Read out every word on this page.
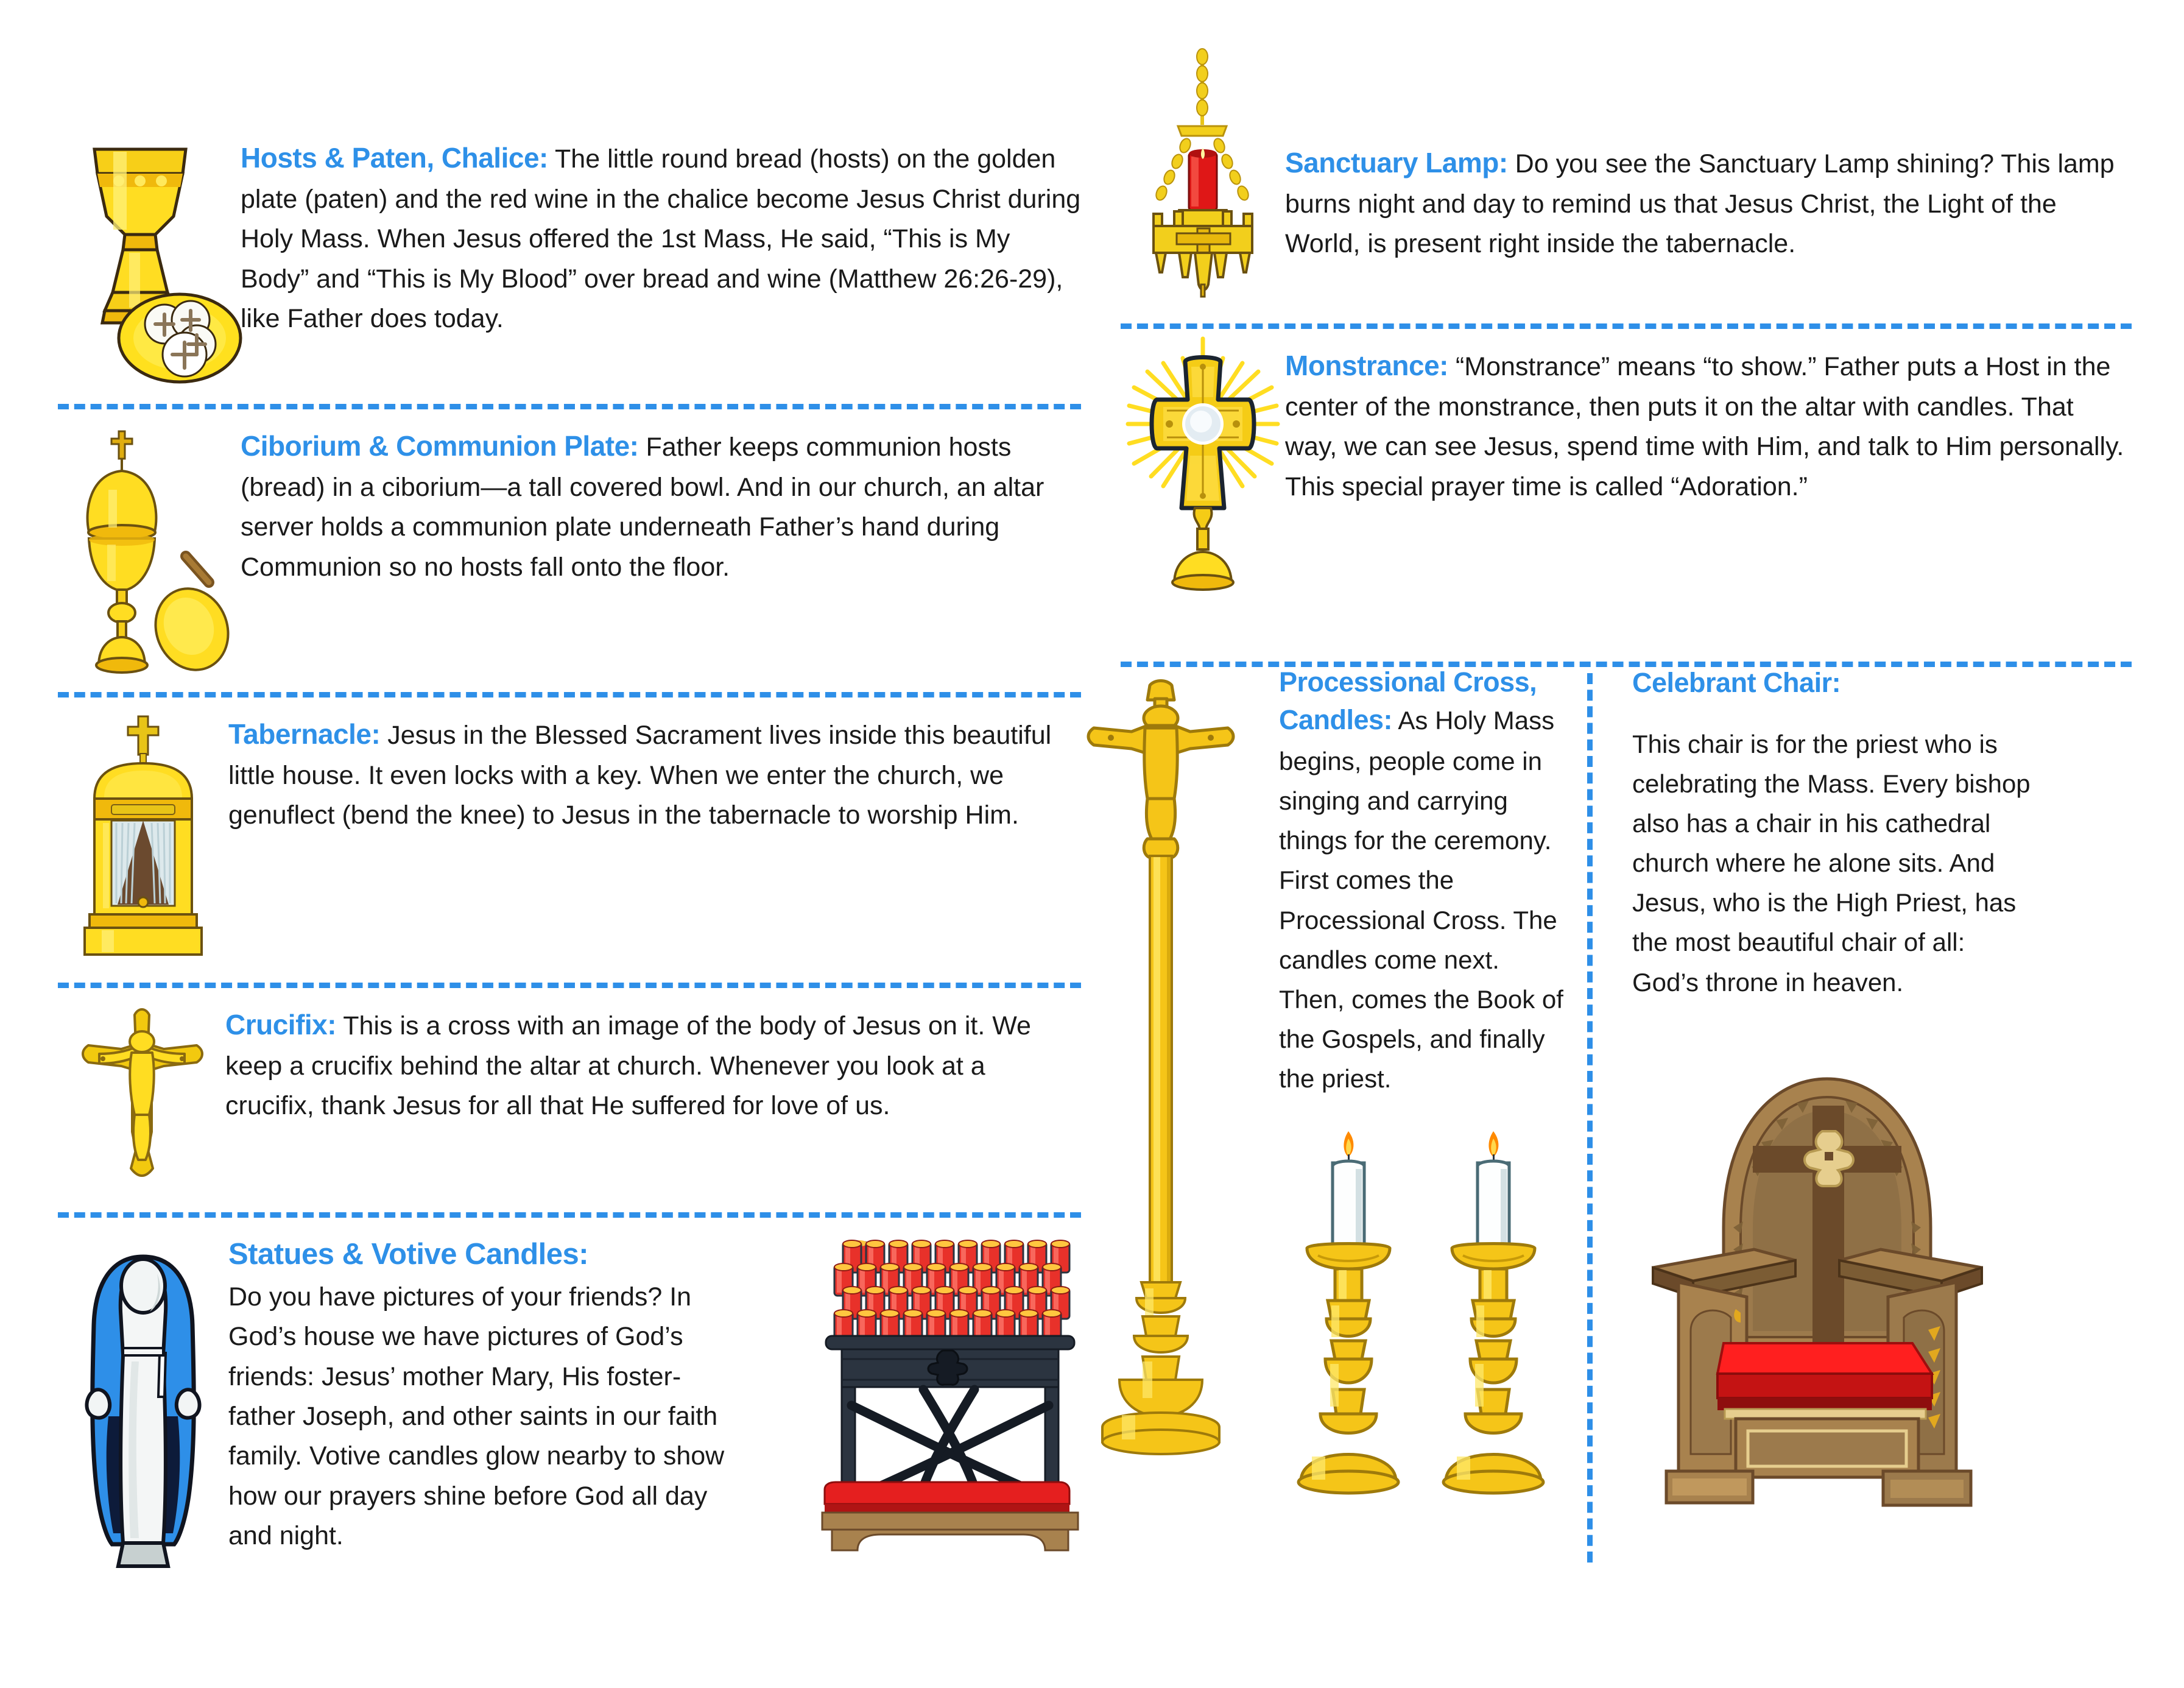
Hosts & Paten, Chalice: The little round bread (hosts) on the golden plate (paten) and the red wine in the chalice become Jesus Christ during Holy Mass. When Jesus offered the 1st Mass, He said, “This is My Body” and “This is My Blood” over bread and wine (Matthew 26:26-29), like Father does today.

Ciborium & Communion Plate: Father keeps communion hosts (bread) in a ciborium—a tall covered bowl. And in our church, an altar server holds a communion plate underneath Father’s hand during Communion so no hosts fall onto the floor.

Tabernacle: Jesus in the Blessed Sacrament lives inside this beautiful little house. It even locks with a key. When we enter the church, we genuflect (bend the knee) to Jesus in the tabernacle to worship Him.

Crucifix: This is a cross with an image of the body of Jesus on it. We keep a crucifix behind the altar at church. Whenever you look at a crucifix, thank Jesus for all that He suffered for love of us.

Statues & Votive Candles:

Do you have pictures of your friends? In God’s house we have pictures of God’s friends: Jesus’ mother Mary, His foster-father Joseph, and other saints in our faith family. Votive candles glow nearby to show how our prayers shine before God all day and night.

Sanctuary Lamp: Do you see the Sanctuary Lamp shining? This lamp burns night and day to remind us that Jesus Christ, the Light of the World, is present right inside the tabernacle.

Monstrance: “Monstrance” means “to show.” Father puts a Host in the center of the monstrance, then puts it on the altar with candles. That way, we can see Jesus, spend time with Him, and talk to Him personally. This special prayer time is called “Adoration.”

Processional Cross,

Candles: As Holy Mass begins, people come in singing and carrying things for the ceremony. First comes the Processional Cross. The candles come next. Then, comes the Book of the Gospels, and finally the priest.

Celebrant Chair:

This chair is for the priest who is celebrating the Mass. Every bishop also has a chair in his cathedral church where he alone sits. And Jesus, who is the High Priest, has the most beautiful chair of all: God’s throne in heaven.
